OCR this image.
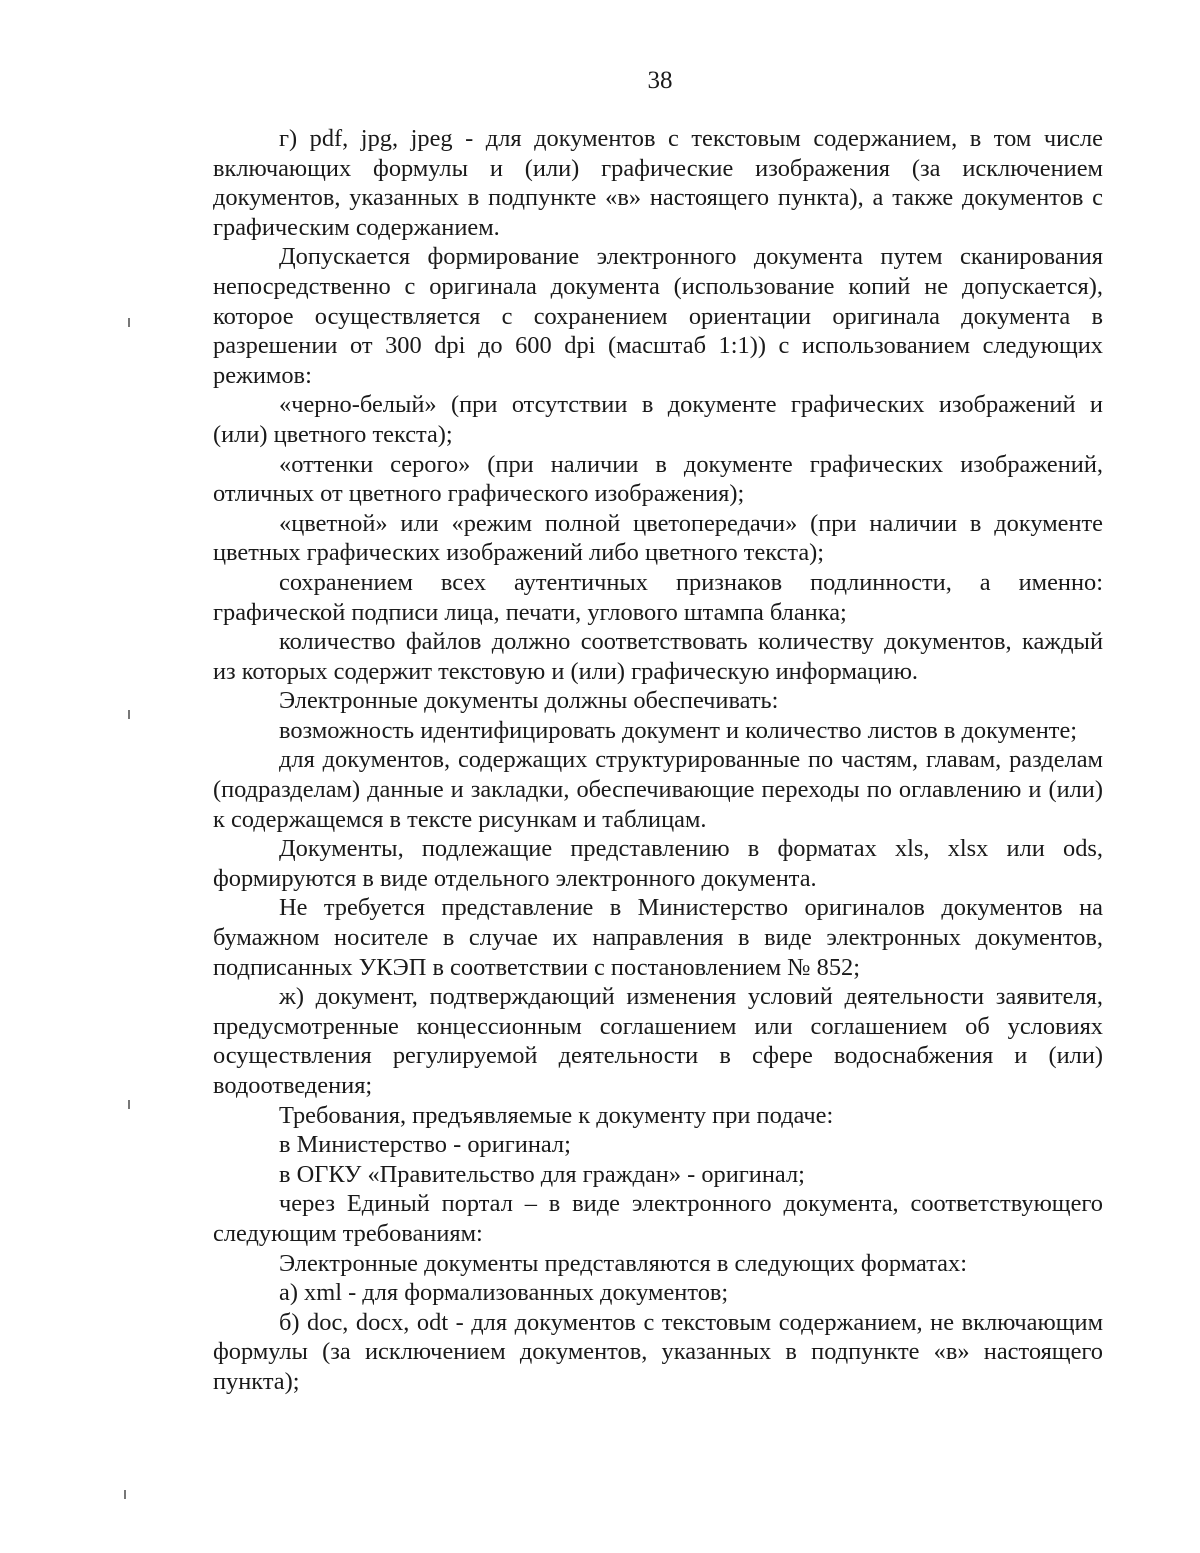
38

г) pdf, jpg, jpeg - для документов с текстовым содержанием, в том числе включающих формулы и (или) графические изображения (за исключением документов, указанных в подпункте «в» настоящего пункта), а также документов с графическим содержанием.

Допускается формирование электронного документа путем сканирования непосредственно с оригинала документа (использование копий не допускается), которое осуществляется с сохранением ориентации оригинала документа в разрешении от 300 dpi до 600 dpi (масштаб 1:1)) с использованием следующих режимов:

«черно-белый» (при отсутствии в документе графических изображений и (или) цветного текста);

«оттенки серого» (при наличии в документе графических изображений, отличных от цветного графического изображения);

«цветной» или «режим полной цветопередачи» (при наличии в документе цветных графических изображений либо цветного текста);

сохранением всех аутентичных признаков подлинности, а именно: графической подписи лица, печати, углового штампа бланка;

количество файлов должно соответствовать количеству документов, каждый из которых содержит текстовую и (или) графическую информацию.

Электронные документы должны обеспечивать:

возможность идентифицировать документ и количество листов в документе;

для документов, содержащих структурированные по частям, главам, разделам (подразделам) данные и закладки, обеспечивающие переходы по оглавлению и (или) к содержащемся в тексте рисункам и таблицам.

Документы, подлежащие представлению в форматах xls, xlsx или ods, формируются в виде отдельного электронного документа.

Не требуется представление в Министерство оригиналов документов на бумажном носителе в случае их направления в виде электронных документов, подписанных УКЭП в соответствии с постановлением № 852;

ж) документ, подтверждающий изменения условий деятельности заявителя, предусмотренные концессионным соглашением или соглашением об условиях осуществления регулируемой деятельности в сфере водоснабжения и (или) водоотведения;

Требования, предъявляемые к документу при подаче:

в Министерство - оригинал;

в ОГКУ «Правительство для граждан» - оригинал;

через Единый портал – в виде электронного документа, соответствующего следующим требованиям:

Электронные документы представляются в следующих форматах:

а) xml - для формализованных документов;

б) doc, docx, odt - для документов с текстовым содержанием, не включающим формулы (за исключением документов, указанных в подпункте «в» настоящего пункта);
